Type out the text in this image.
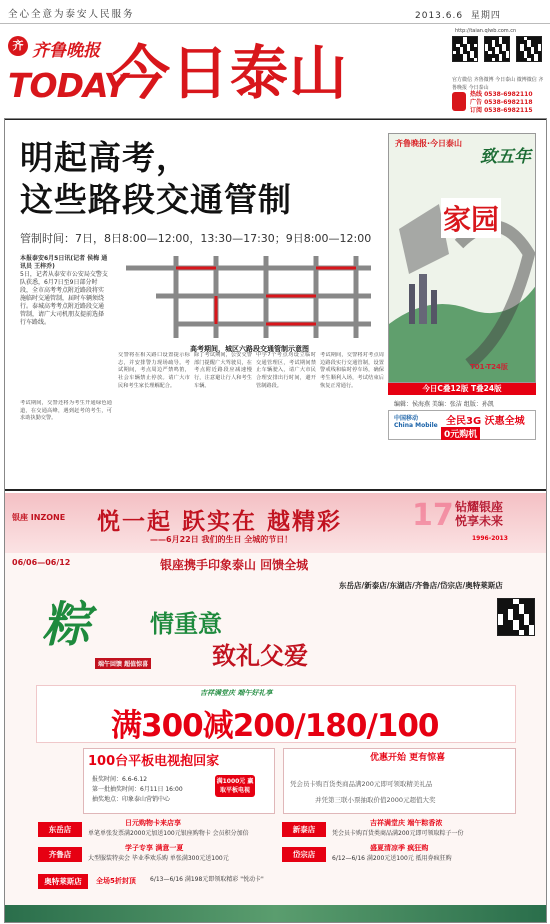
全心全意为泰安人民服务	2013.6.6 星期四
齐 齐鲁晚报
TODAY
今日泰山
http://taian.qlwb.com.cn
官方微信 齐鲁微博 今日泰山 微博微信 齐鲁晚报 今日泰山
热线 0538-6982110
广告 0538-6982118
订阅 0538-6982115
明起高考，
这些路段交通管制
管制时间：7日，8日8:00—12:00，13:30—17:30；9日8:00—12:00
本报泰安6月5日讯(记者 侯梅 通讯员 王梓乔)
5日，记者从泰安市公安局交警支队获悉，6月7日至9日部分时段，全市高考考点附近路段将实施临时交通管制，届时车辆须绕行。泰城高考考点附近路段交通管制，请广大司机朋友提前选择行车路线。
高考期间，城区六路段交通管制示意图
交警将在相关路口设置提示标志，并安排警力现场疏导。考试期间，考点周边严禁鸣笛，社会车辆禁止停放。请广大市民和考生家长理解配合。
除了考试期间，公安交警部门提醒广大驾驶员，在考点附近路段应减速慢行，注意避让行人和考生车辆。
中学7个考点均设立临时交通管理区，考试期间禁止车辆驶入，请广大市民合理安排出行时间，避开管制路段。
考试期间，交警将对考点周边路段实行交通管制，设置警戒线和临时停车场，确保考生顺利入场，考试结束后恢复正常通行。
考试期间，交警还将为考生开通绿色通道，在交通高峰，遇到赶考的考生，可求助执勤交警。
齐鲁晚报·今日泰山
致五年
家园
T01-T24版
今日C叠12版 T叠24版
编辑：侯海燕 美编：张洁 组版：孙凯
中国移动 China Mobile 全民3G 沃惠全城
0元购机
银座 INZONE 悦一起 跃实在 越精彩
——6月22日 我们的生日 全城的节日！
17 钻耀银座
悦享未来
1996-2013
06/06—06/12	银座携手印象泰山 回馈全城
东岳店/新泰店/东湖店/齐鲁店/岱宗店/奥特莱斯店
粽 情重意
致礼父爱
端午回馈 超值惊喜
吉祥满堂庆 端午好礼享
满300减200/180/100
100台平板电视抱回家
报奖时间：6.6-6.12
第一批抽奖时间：6月11日 16:00
抽奖地点：印象泰山营销中心
满1000元 赢取平板电视
优惠开始 更有惊喜
凭会员卡购百货类商品满200元即可领取精美礼品
并凭第三联小票抽取价值2000元超值大奖
东岳店
日元购物卡来店享
单笔单张发票满2000元加送100元银座购物卡 会员积分加倍
齐鲁店
学子专享 满意一夏
大型服装特卖会 毕业季欢乐购 单张满300元送100元
奥特莱斯店	全场5折封顶 6/13—6/16 满198元即领取精彩 "悦动卡"
新泰店
吉祥满堂庆 端午粽香浓
凭会员卡购百货类商品满200元即可领取粽子一份
岱宗店
盛夏清凉季 疯狂购
6/12—6/16 满200元送100元 抵用券疯狂购
